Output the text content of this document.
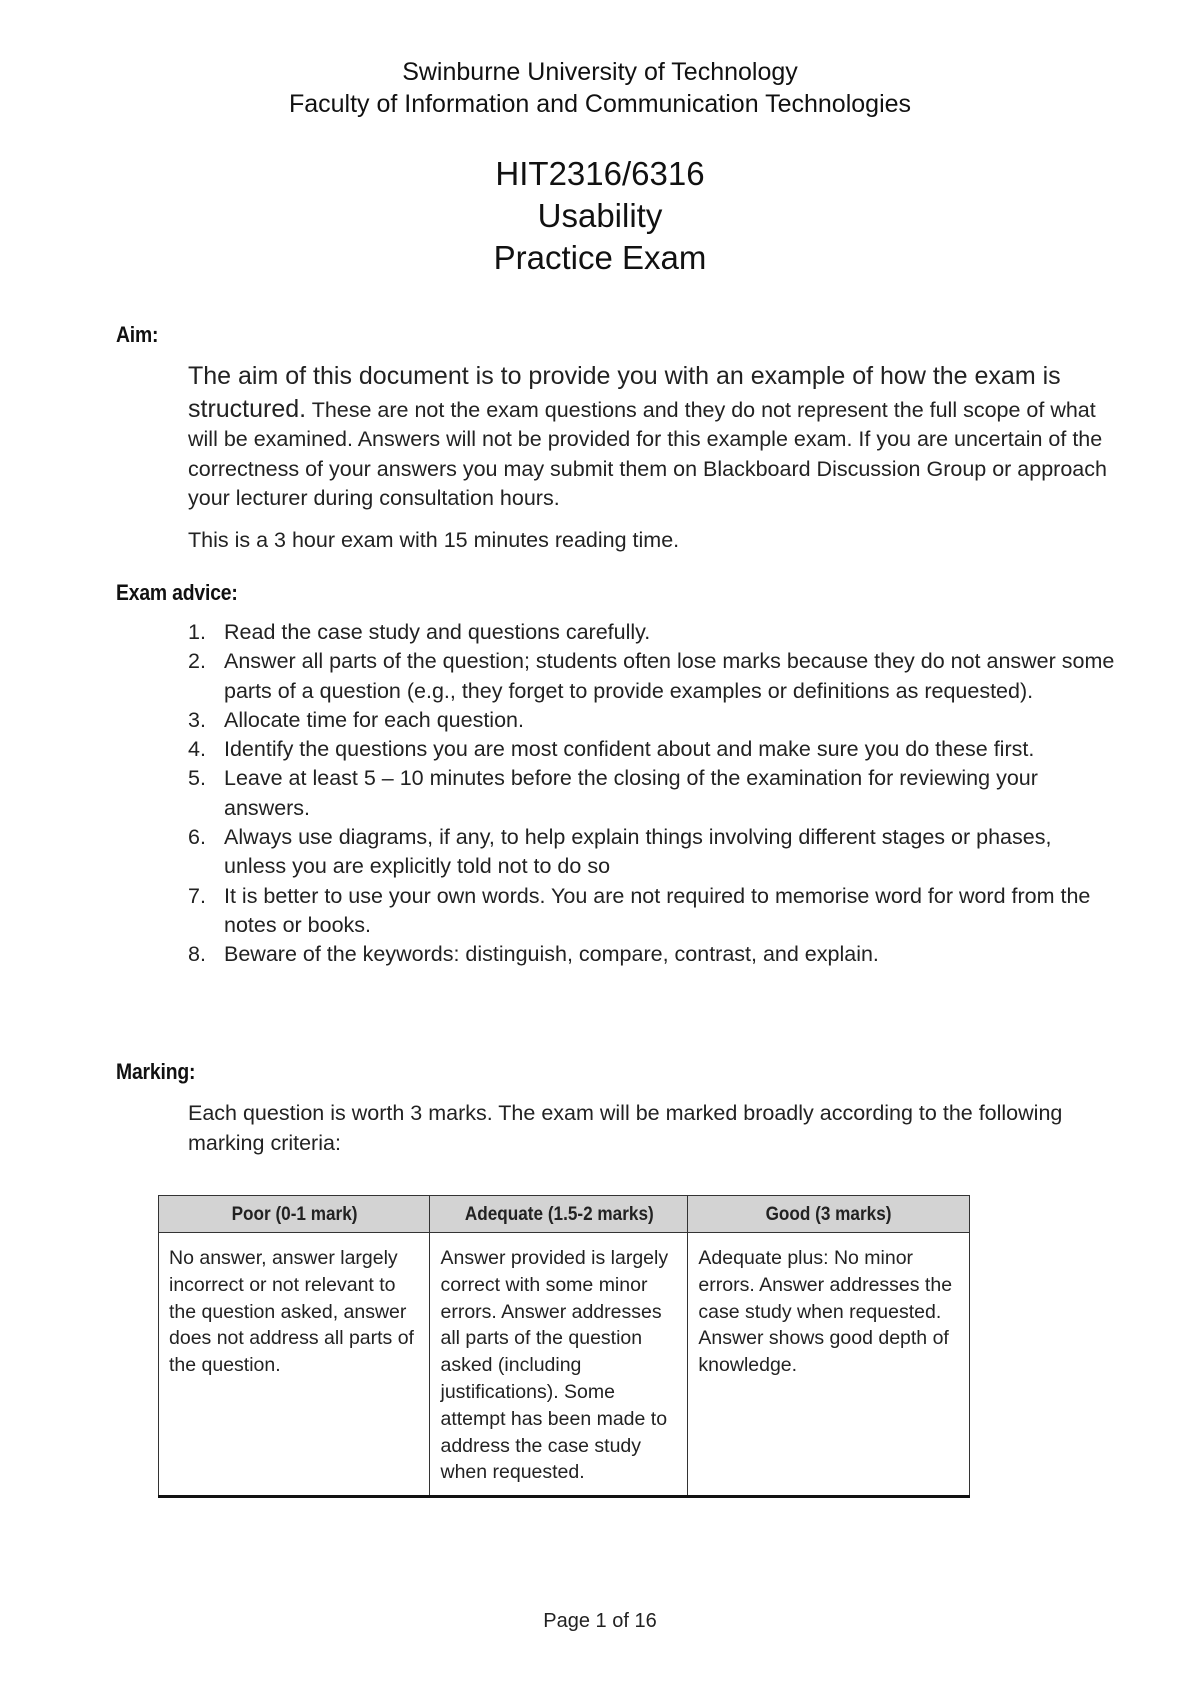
Swinburne University of Technology
Faculty of Information and Communication Technologies
HIT2316/6316
Usability
Practice Exam
Aim:

The aim of this document is to provide you with an example of how the exam is structured. These are not the exam questions and they do not represent the full scope of what will be examined. Answers will not be provided for this example exam. If you are uncertain of the correctness of your answers you may submit them on Blackboard Discussion Group or approach your lecturer during consultation hours.

This is a 3 hour exam with 15 minutes reading time.
Exam advice:
1. Read the case study and questions carefully.
2. Answer all parts of the question; students often lose marks because they do not answer some parts of a question (e.g., they forget to provide examples or definitions as requested).
3. Allocate time for each question.
4. Identify the questions you are most confident about and make sure you do these first.
5. Leave at least 5 – 10 minutes before the closing of the examination for reviewing your answers.
6. Always use diagrams, if any, to help explain things involving different stages or phases, unless you are explicitly told not to do so
7. It is better to use your own words. You are not required to memorise word for word from the notes or books.
8. Beware of the keywords: distinguish, compare, contrast, and explain.
Marking:
Each question is worth 3 marks. The exam will be marked broadly according to the following marking criteria:
Poor (0-1 mark)	Adequate (1.5-2 marks)	Good (3 marks)
No answer, answer largely incorrect or not relevant to the question asked, answer does not address all parts of the question.	Answer provided is largely correct with some minor errors. Answer addresses all parts of the question asked (including justifications). Some attempt has been made to address the case study when requested.	Adequate plus: No minor errors. Answer addresses the case study when requested. Answer shows good depth of knowledge.
Page 1 of 16
